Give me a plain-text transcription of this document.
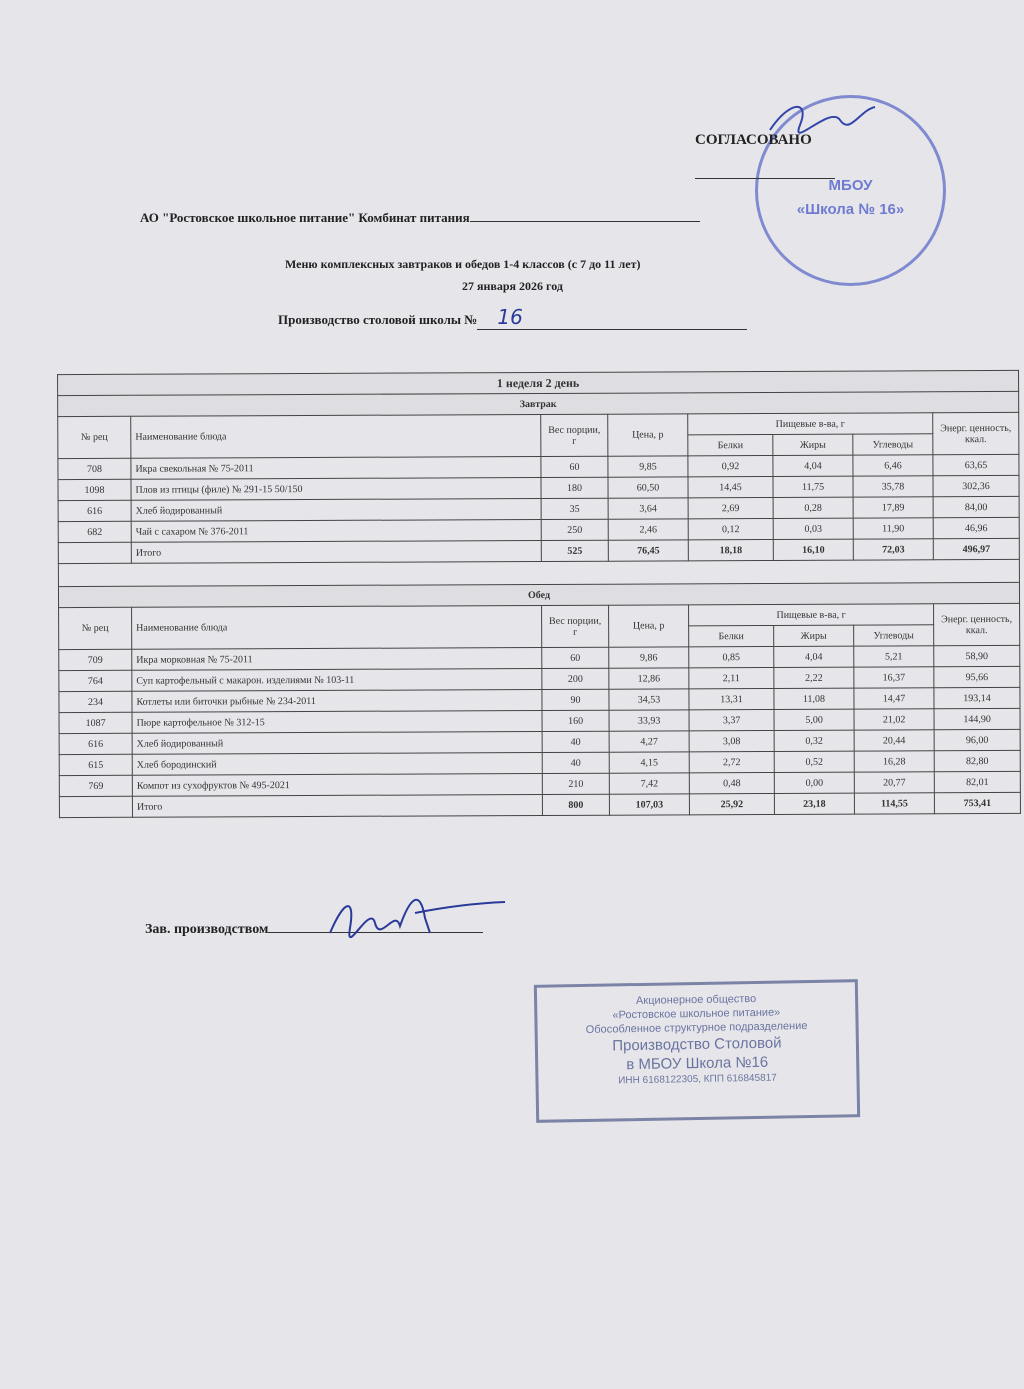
МБОУ
«Школа № 16»
СОГЛАСОВАНО
АО "Ростовское школьное питание" Комбинат питания
Меню комплексных завтраков и обедов 1-4 классов (с 7 до 11 лет)
27 января 2026 год
Производство столовой школы № 16
1 неделя 2 день							
Завтрак							
№ рец	Наименование блюда	Вес порции, г	Цена, р	Пищевые в-ва, г			Энерг. ценность, ккал.
				Белки	Жиры	Углеводы	
708	Икра свекольная № 75-2011	60	9,85	0,92	4,04	6,46	63,65
1098	Плов из птицы (филе) № 291-15 50/150	180	60,50	14,45	11,75	35,78	302,36
616	Хлеб йодированный	35	3,64	2,69	0,28	17,89	84,00
682	Чай с сахаром № 376-2011	250	2,46	0,12	0,03	11,90	46,96
	Итого	525	76,45	18,18	16,10	72,03	496,97

Обед							
№ рец	Наименование блюда	Вес порции, г	Цена, р	Пищевые в-ва, г			Энерг. ценность, ккал.
				Белки	Жиры	Углеводы	
709	Икра морковная № 75-2011	60	9,86	0,85	4,04	5,21	58,90
764	Суп картофельный с макарон. изделиями № 103-11	200	12,86	2,11	2,22	16,37	95,66
234	Котлеты или биточки рыбные № 234-2011	90	34,53	13,31	11,08	14,47	193,14
1087	Пюре картофельное № 312-15	160	33,93	3,37	5,00	21,02	144,90
616	Хлеб йодированный	40	4,27	3,08	0,32	20,44	96,00
615	Хлеб бородинский	40	4,15	2,72	0,52	16,28	82,80
769	Компот из сухофруктов № 495-2021	210	7,42	0,48	0,00	20,77	82,01
	Итого	800	107,03	25,92	23,18	114,55	753,41
Зав. производством
Акционерное общество
«Ростовское школьное питание»
Обособленное структурное подразделение
Производство Столовой
в МБОУ Школа №16
ИНН 6168122305, КПП 616845817
